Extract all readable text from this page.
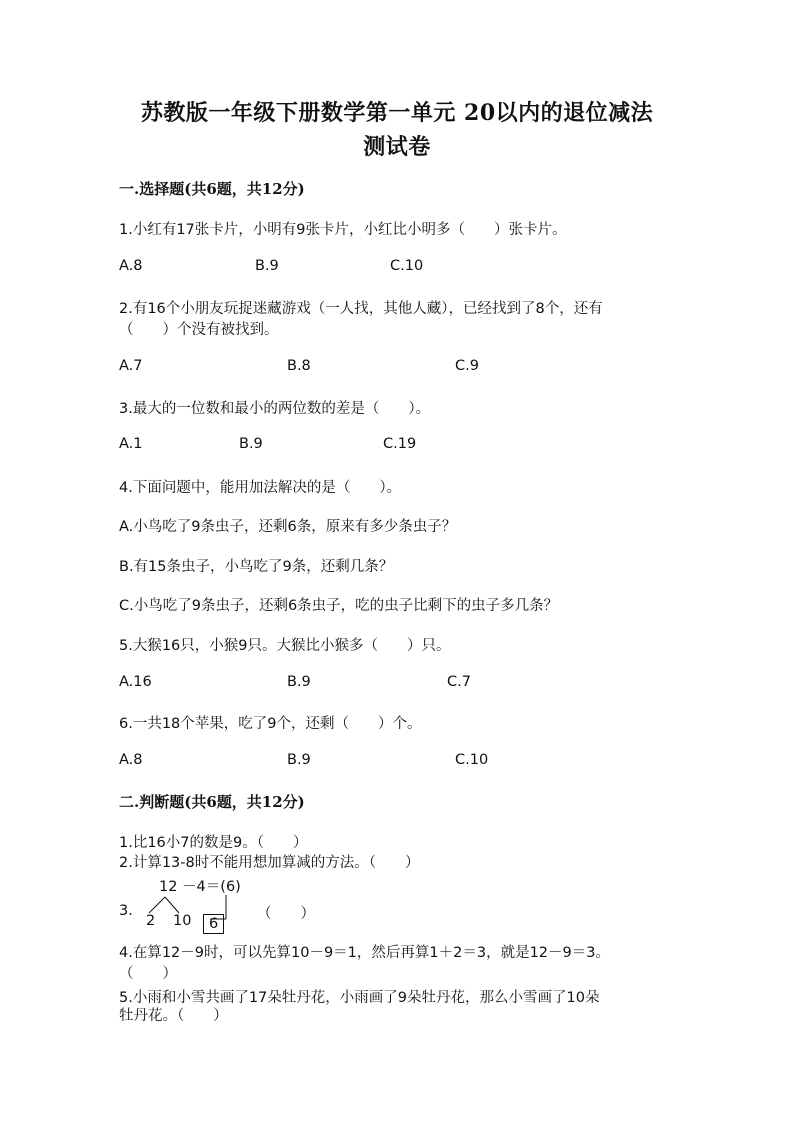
苏教版一年级下册数学第一单元 20以内的退位减法
测试卷
一.选择题(共6题，共12分)
1.小红有17张卡片，小明有9张卡片，小红比小明多（　　）张卡片。
A.8	B.9	C.10
2.有16个小朋友玩捉迷藏游戏（一人找，其他人藏），已经找到了8个，还有
（　　）个没有被找到。
A.7	B.8	C.9
3.最大的一位数和最小的两位数的差是（　　）。
A.1	B.9	C.19
4.下面问题中，能用加法解决的是（　　）。
A.小鸟吃了9条虫子，还剩6条，原来有多少条虫子？
B.有15条虫子，小鸟吃了9条，还剩几条？
C.小鸟吃了9条虫子，还剩6条虫子，吃的虫子比剩下的虫子多几条？
5.大猴16只，小猴9只。大猴比小猴多（　　）只。
A.16	B.9	C.7
6.一共18个苹果，吃了9个，还剩（　　）个。
A.8	B.9	C.10
二.判断题(共6题，共12分)
1.比16小7的数是9。（　　）
2.计算13-8时不能用想加算减的方法。（　　）
12 －4＝(6)
3.
2 10	6
（　　）
4.在算12－9时，可以先算10－9＝1，然后再算1＋2＝3，就是12－9＝3。
（　　）
5.小雨和小雪共画了17朵牡丹花，小雨画了9朵牡丹花，那么小雪画了10朵
牡丹花。（　　）
